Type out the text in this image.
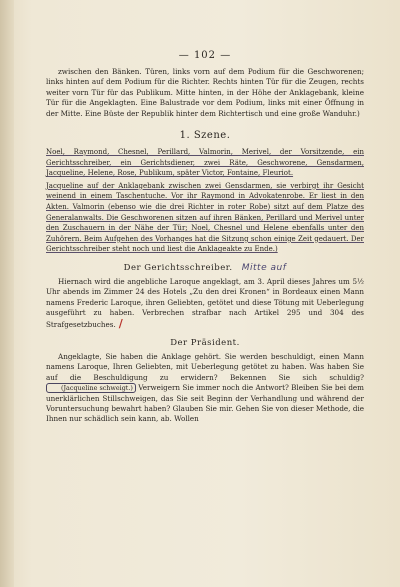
— 102 —

zwischen den Bänken. Türen, links vorn auf dem Podium für die Geschworenen; links hinten auf dem Podium für die Richter. Rechts hinten Tür für die Zeugen, rechts weiter vorn Tür für das Publikum. Mitte hinten, in der Höhe der Anklagebank, kleine Tür für die Angeklagten. Eine Balustrade vor dem Podium, links mit einer Öffnung in der Mitte. Eine Büste der Republik hinter dem Richtertisch und eine große Wanduhr.)

1. Szene.

Noel, Raymond, Chesnel, Perillard, Valmorin, Merivel, der Vorsitzende, ein Gerichtsschreiber, ein Gerichtsdiener, zwei Räte, Geschworene, Gensdarmen, Jacqueline, Helene, Rose, Publikum, später Victor, Fontaine, Fleuriot.

Jacqueline auf der Anklagebank zwischen zwei Gensdarmen, sie verbirgt ihr Gesicht weinend in einem Taschentuche. Vor ihr Raymond in Advokatenrobe. Er liest in den Akten. Valmorin (ebenso wie die drei Richter in roter Robe) sitzt auf dem Platze des Generalanwalts. Die Geschworenen sitzen auf ihren Bänken, Perillard und Merivel unter den Zuschauern in der Nähe der Tür; Noel, Chesnel und Helene ebenfalls unter den Zuhörern. Beim Aufgehen des Vorhanges hat die Sitzung schon einige Zeit gedauert. Der Gerichtsschreiber steht noch und liest die Anklageakte zu Ende.)

Der Gerichtsschreiber. Mitte auf

Hiernach wird die angebliche Laroque angeklagt, am 3. April dieses Jahres um 5½ Uhr abends im Zimmer 24 des Hotels „Zu den drei Kronen“ in Bordeaux einen Mann namens Frederic Laroque, ihren Geliebten, getötet und diese Tötung mit Ueberlegung ausgeführt zu haben. Verbrechen strafbar nach Artikel 295 und 304 des Strafgesetzbuches. /

Der Präsident.

Angeklagte, Sie haben die Anklage gehört. Sie werden beschuldigt, einen Mann namens Laroque, Ihren Geliebten, mit Ueberlegung getötet zu haben. Was haben Sie auf die Beschuldigung zu erwidern? Bekennen Sie sich schuldig? (Jacqueline schweigt.) Verweigern Sie immer noch die Antwort? Bleiben Sie bei dem unerklärlichen Stillschweigen, das Sie seit Beginn der Verhandlung und während der Voruntersuchung bewahrt haben? Glauben Sie mir. Gehen Sie von dieser Methode, die Ihnen nur schädlich sein kann, ab. Wollen
